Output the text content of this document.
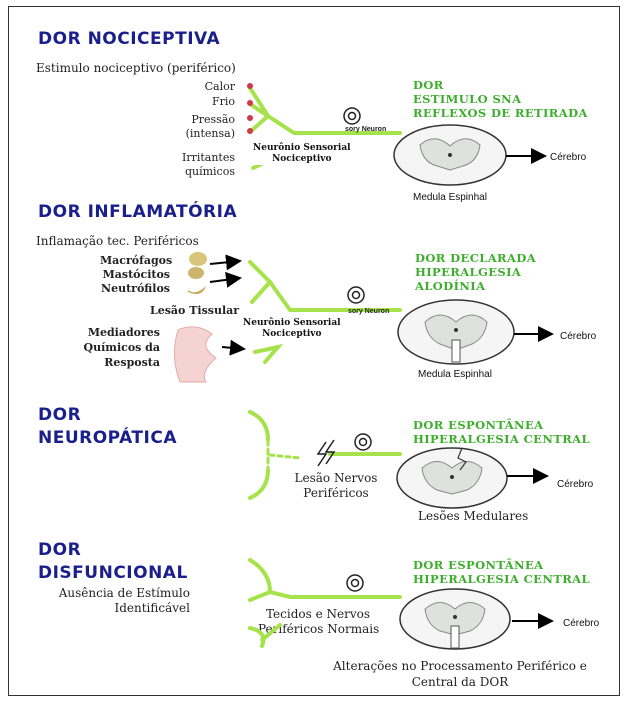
DOR NOCICEPTIVA
Estimulo nociceptivo (periférico)
Calor
Frio
Pressão
(intensa)
Irritantes
químicos
DOR
ESTIMULO SNA
REFLEXOS DE RETIRADA
Cérebro
Medula Espinhal
DOR INFLAMATÓRIA
Inflamação tec. Periféricos
Macrófagos
Mastócitos
Neutrófilos
Lesão Tissular
Mediadores
Químicos da
Resposta
DOR DECLARADA
HIPERALGESIA
ALODÍNIA
Cérebro
Medula Espinhal
DOR
NEUROPÁTICA
DOR ESPONTÂNEA
HIPERALGESIA CENTRAL
Lesão Nervos
Periféricos
Lesões Medulares
Cérebro
DOR
DISFUNCIONAL
Ausência de Estímulo
Identificável
DOR ESPONTÂNEA
HIPERALGESIA CENTRAL
Tecidos e Nervos
Periféricos Normais
Alterações no Processamento Periférico e
Central da DOR
Cérebro
sory Neuron
sory Neuron
Neurônio Sensorial
Nociceptivo
Neurônio Sensorial
Nociceptivo
